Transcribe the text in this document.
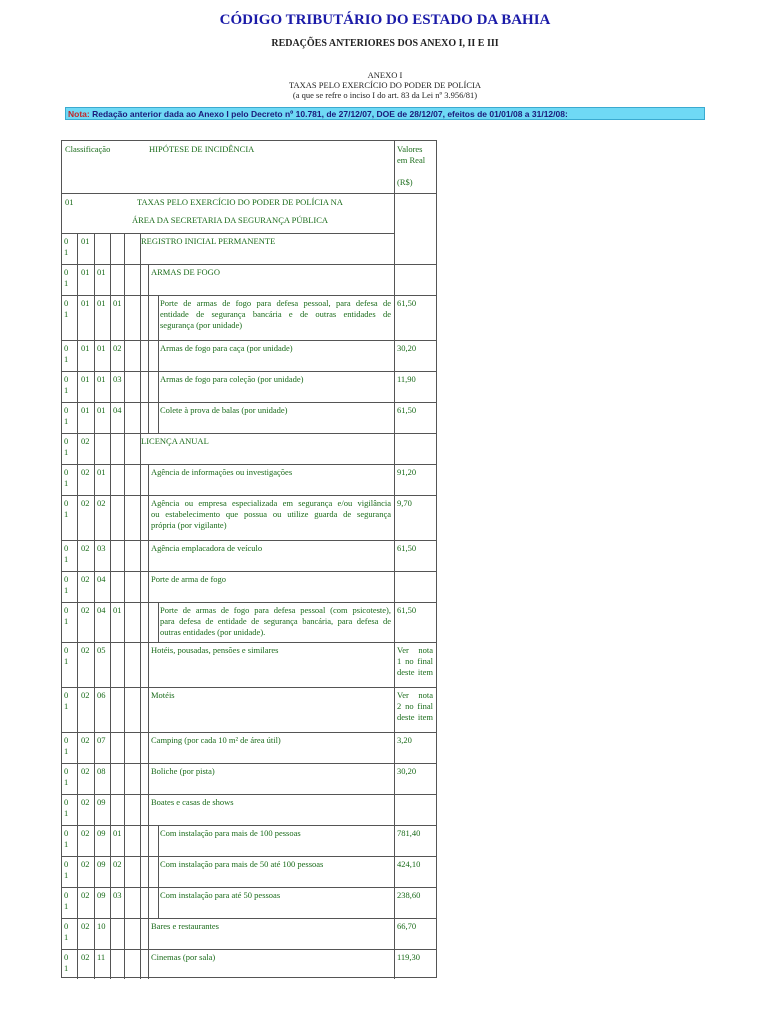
CÓDIGO TRIBUTÁRIO DO ESTADO DA BAHIA
REDAÇÕES ANTERIORES DOS ANEXO I, II E III
ANEXO I
TAXAS PELO EXERCÍCIO DO PODER DE POLÍCIA
(a que se refre o inciso I do art. 83 da Lei nº 3.956/81)
Nota: Redação anterior dada ao Anexo I pelo Decreto nº 10.781, de 27/12/07, DOE de 28/12/07, efeitos de 01/01/08 a 31/12/08:
Classificação	HIPÓTESE DE INCIDÊNCIA	Valores
em Real
(R$)
01	TAXAS PELO EXERCÍCIO DO PODER DE POLÍCIA NA
ÁREA DA SECRETARIA DA SEGURANÇA PÚBLICA
0
1
01	REGISTRO INICIAL PERMANENTE
0
1
01 01	ARMAS DE FOGO
0
1
01 01 01	Porte de armas de fogo para defesa pessoal, para defesa de
entidade de segurança bancária e de outras entidades de
segurança (por unidade)
61,50
0
1
01 01 02	Armas de fogo para caça (por unidade)	30,20
0
1
01 01 03	Armas de fogo para coleção (por unidade)	11,90
0
1
01 01 04	Colete à prova de balas (por unidade)	61,50
0
1
02	LICENÇA ANUAL
0
1
02 01	Agência de informações ou investigações	91,20
0
1
02 02	Agência ou empresa especializada em segurança e/ou vigilância
ou estabelecimento que possua ou utilize guarda de segurança
própria (por vigilante)
9,70
0
1
02 03	Agência emplacadora de veículo	61,50
0
1
02 04	Porte de arma de fogo
0
1
02 04 01	Porte de armas de fogo para defesa pessoal (com psicoteste),
para defesa de entidade de segurança bancária, para defesa de
outras entidades (por unidade).
61,50
0
1
02 05	Hotéis, pousadas, pensões e similares	Ver nota
1 no final
deste item
0
1
02 06	Motéis	Ver nota
2 no final
deste item
0
1
02 07	Camping (por cada 10 m² de área útil)	3,20
0
1
02 08	Boliche (por pista)	30,20
0
1
02 09	Boates e casas de shows
0
1
02 09 01	Com instalação para mais de 100 pessoas	781,40
0
1
02 09 02	Com instalação para mais de 50 até 100 pessoas	424,10
0
1
02 09 03	Com instalação para até 50 pessoas	238,60
0
1
02 10	Bares e restaurantes	66,70
0
1
02 11	Cinemas (por sala)	119,30
